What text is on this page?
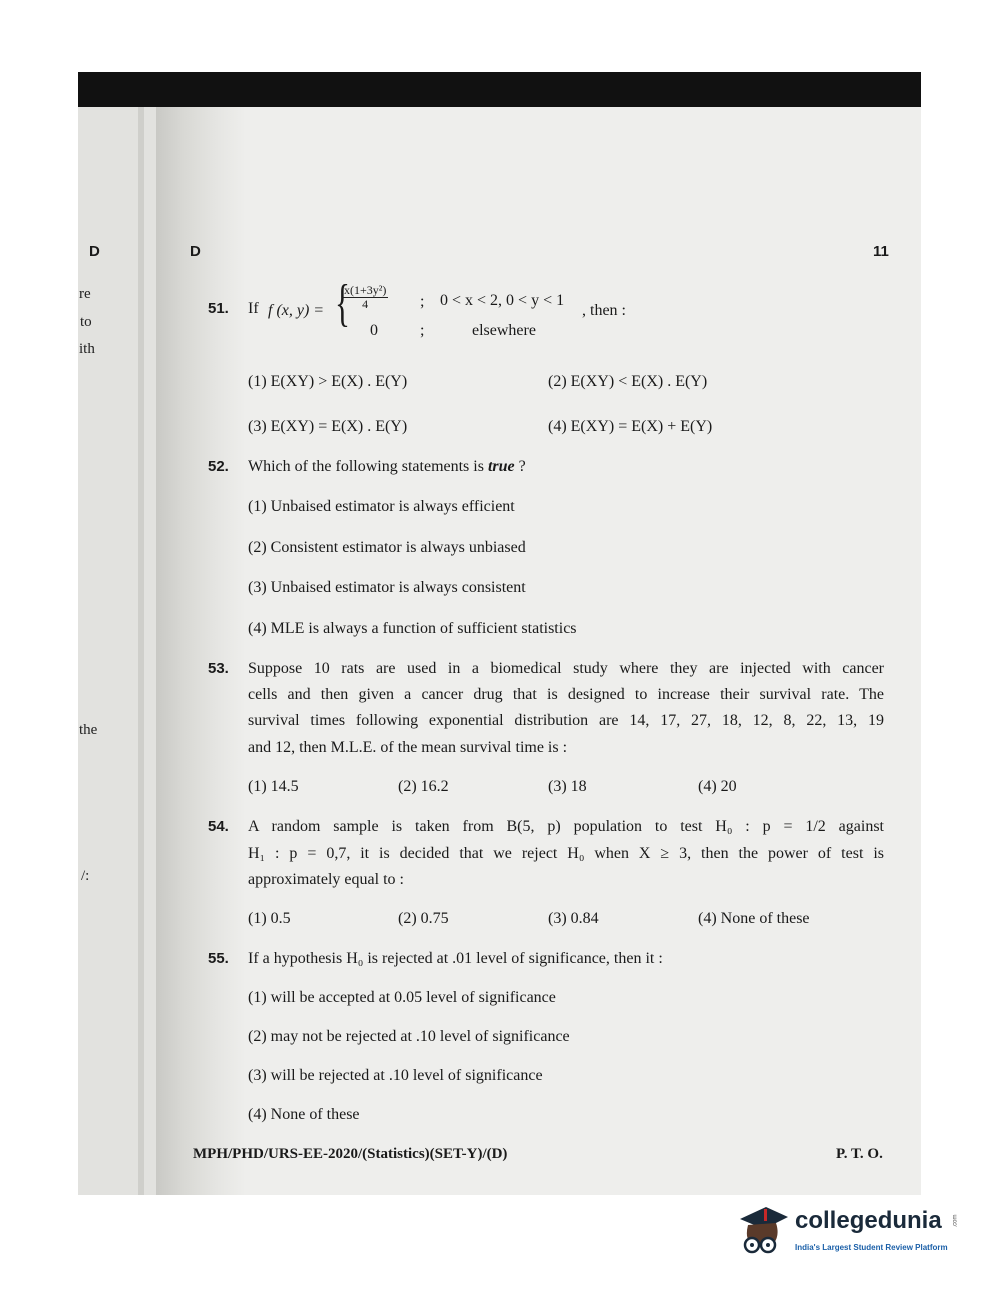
D
re
to
ith
the
/:
D	11
51. If f (x, y) = {
$\frac{\text{x(1+3y²)}}{4}$ ; 0 < x < 2, 0 < y < 1
, then :
0	;	elsewhere
(1) E(XY) > E(X) . E(Y)	(2) E(XY) < E(X) . E(Y)
(3) E(XY) = E(X) . E(Y)	(4) E(XY) = E(X) + E(Y)
52. Which of the following statements is true ?
(1) Unbaised estimator is always efficient
(2) Consistent estimator is always unbiased
(3) Unbaised estimator is always consistent
(4) MLE is always a function of sufficient statistics
53. Suppose 10 rats are used in a biomedical study where they are injected with cancer
cells and then given a cancer drug that is designed to increase their survival rate. The
survival times following exponential distribution are 14, 17, 27, 18, 12, 8, 22, 13, 19
and 12, then M.L.E. of the mean survival time is :
(1) 14.5	(2) 16.2	(3) 18	(4) 20
54. A random sample is taken from B(5, p) population to test H₀ : p = 1/2 against
H₁ : p = 0,7, it is decided that we reject H₀ when X ≥ 3, then the power of test is
approximately equal to :
(1) 0.5	(2) 0.75	(3) 0.84	(4) None of these
55. If a hypothesis H₀ is rejected at .01 level of significance, then it :
(1) will be accepted at 0.05 level of significance
(2) may not be rejected at .10 level of significance
(3) will be rejected at .10 level of significance
(4) None of these
MPH/PHD/URS-EE-2020/(Statistics)(SET-Y)/(D)	P. T. O.
collegedunia .com
India's Largest Student Review Platform
